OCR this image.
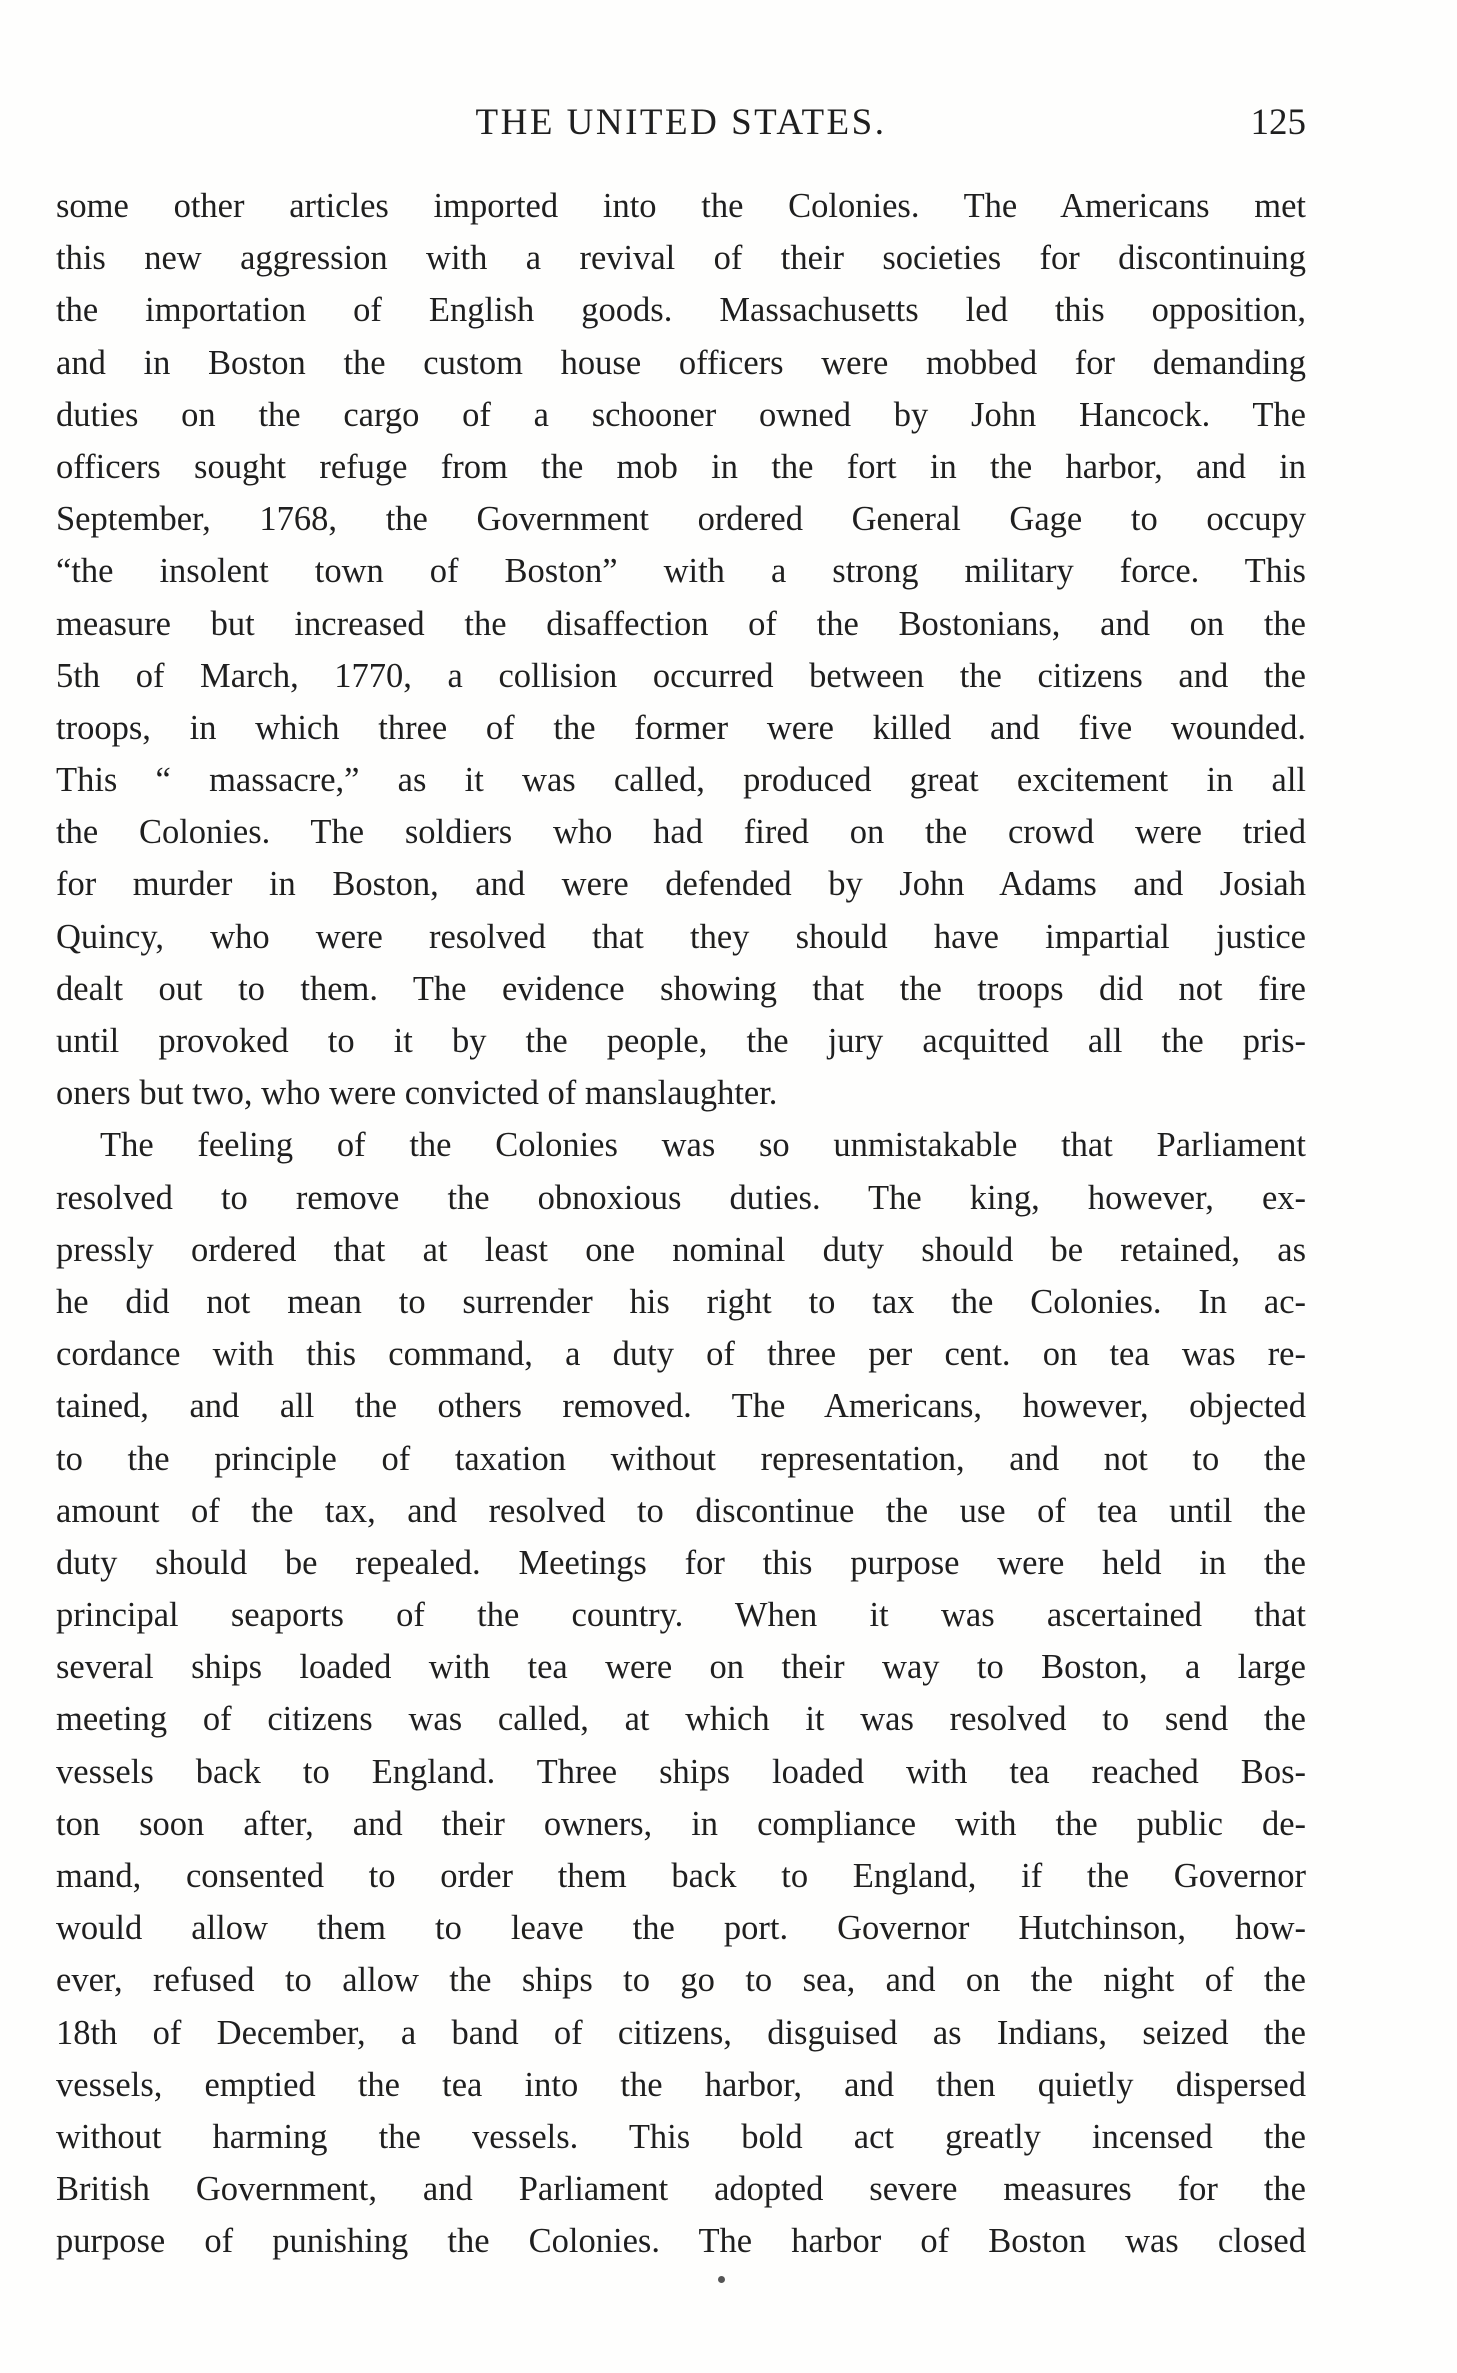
THE UNITED STATES.	125
some other articles imported into the Colonies. The Americans met
this new aggression with a revival of their societies for discontinuing
the importation of English goods. Massachusetts led this opposition,
and in Boston the custom house officers were mobbed for demanding
duties on the cargo of a schooner owned by John Hancock. The
officers sought refuge from the mob in the fort in the harbor, and in
September, 1768, the Government ordered General Gage to occupy
“the insolent town of Boston” with a strong military force. This
measure but increased the disaffection of the Bostonians, and on the
5th of March, 1770, a collision occurred between the citizens and the
troops, in which three of the former were killed and five wounded.
This “ massacre,” as it was called, produced great excitement in all
the Colonies. The soldiers who had fired on the crowd were tried
for murder in Boston, and were defended by John Adams and Josiah
Quincy, who were resolved that they should have impartial justice
dealt out to them. The evidence showing that the troops did not fire
until provoked to it by the people, the jury acquitted all the pris-
oners but two, who were convicted of manslaughter.
The feeling of the Colonies was so unmistakable that Parliament
resolved to remove the obnoxious duties. The king, however, ex-
pressly ordered that at least one nominal duty should be retained, as
he did not mean to surrender his right to tax the Colonies. In ac-
cordance with this command, a duty of three per cent. on tea was re-
tained, and all the others removed. The Americans, however, objected
to the principle of taxation without representation, and not to the
amount of the tax, and resolved to discontinue the use of tea until the
duty should be repealed. Meetings for this purpose were held in the
principal seaports of the country. When it was ascertained that
several ships loaded with tea were on their way to Boston, a large
meeting of citizens was called, at which it was resolved to send the
vessels back to England. Three ships loaded with tea reached Bos-
ton soon after, and their owners, in compliance with the public de-
mand, consented to order them back to England, if the Governor
would allow them to leave the port. Governor Hutchinson, how-
ever, refused to allow the ships to go to sea, and on the night of the
18th of December, a band of citizens, disguised as Indians, seized the
vessels, emptied the tea into the harbor, and then quietly dispersed
without harming the vessels. This bold act greatly incensed the
British Government, and Parliament adopted severe measures for the
purpose of punishing the Colonies. The harbor of Boston was closed
